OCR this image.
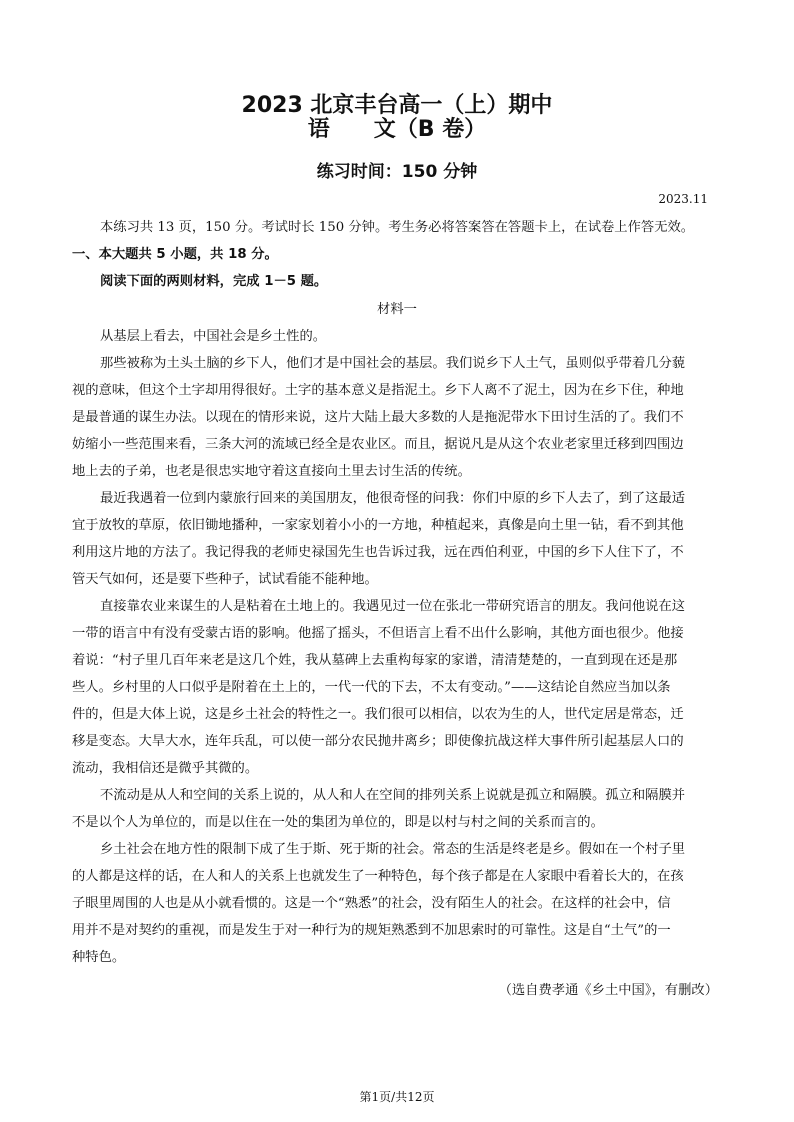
2023 北京丰台高一（上）期中
语　　文（B 卷）
练习时间：150 分钟
2023.11
本练习共 13 页，150 分。考试时长 150 分钟。考生务必将答案答在答题卡上，在试卷上作答无效。
一、本大题共 5 小题，共 18 分。
阅读下面的两则材料，完成 1－5 题。
材料一
从基层上看去，中国社会是乡土性的。
那些被称为土头土脑的乡下人，他们才是中国社会的基层。我们说乡下人土气，虽则似乎带着几分藐
视的意味，但这个土字却用得很好。土字的基本意义是指泥土。乡下人离不了泥土，因为在乡下住，种地
是最普通的谋生办法。以现在的情形来说，这片大陆上最大多数的人是拖泥带水下田讨生活的了。我们不
妨缩小一些范围来看，三条大河的流域已经全是农业区。而且，据说凡是从这个农业老家里迁移到四围边
地上去的子弟，也老是很忠实地守着这直接向土里去讨生活的传统。
最近我遇着一位到内蒙旅行回来的美国朋友，他很奇怪的问我：你们中原的乡下人去了，到了这最适
宜于放牧的草原，依旧锄地播种，一家家划着小小的一方地，种植起来，真像是向土里一钻，看不到其他
利用这片地的方法了。我记得我的老师史禄国先生也告诉过我，远在西伯利亚，中国的乡下人住下了，不
管天气如何，还是要下些种子，试试看能不能种地。
直接靠农业来谋生的人是粘着在土地上的。我遇见过一位在张北一带研究语言的朋友。我问他说在这
一带的语言中有没有受蒙古语的影响。他摇了摇头，不但语言上看不出什么影响，其他方面也很少。他接
着说：“村子里几百年来老是这几个姓，我从墓碑上去重构每家的家谱，清清楚楚的，一直到现在还是那
些人。乡村里的人口似乎是附着在土上的，一代一代的下去，不太有变动。”——这结论自然应当加以条
件的，但是大体上说，这是乡土社会的特性之一。我们很可以相信，以农为生的人，世代定居是常态，迁
移是变态。大旱大水，连年兵乱，可以使一部分农民抛井离乡；即使像抗战这样大事件所引起基层人口的
流动，我相信还是微乎其微的。
不流动是从人和空间的关系上说的，从人和人在空间的排列关系上说就是孤立和隔膜。孤立和隔膜并
不是以个人为单位的，而是以住在一处的集团为单位的，即是以村与村之间的关系而言的。
乡土社会在地方性的限制下成了生于斯、死于斯的社会。常态的生活是终老是乡。假如在一个村子里
的人都是这样的话，在人和人的关系上也就发生了一种特色，每个孩子都是在人家眼中看着长大的，在孩
子眼里周围的人也是从小就看惯的。这是一个“熟悉”的社会，没有陌生人的社会。在这样的社会中，信
用并不是对契约的重视，而是发生于对一种行为的规矩熟悉到不加思索时的可靠性。这是自“土气”的一
种特色。
（选自费孝通《乡土中国》，有删改）
第1页/共12页
